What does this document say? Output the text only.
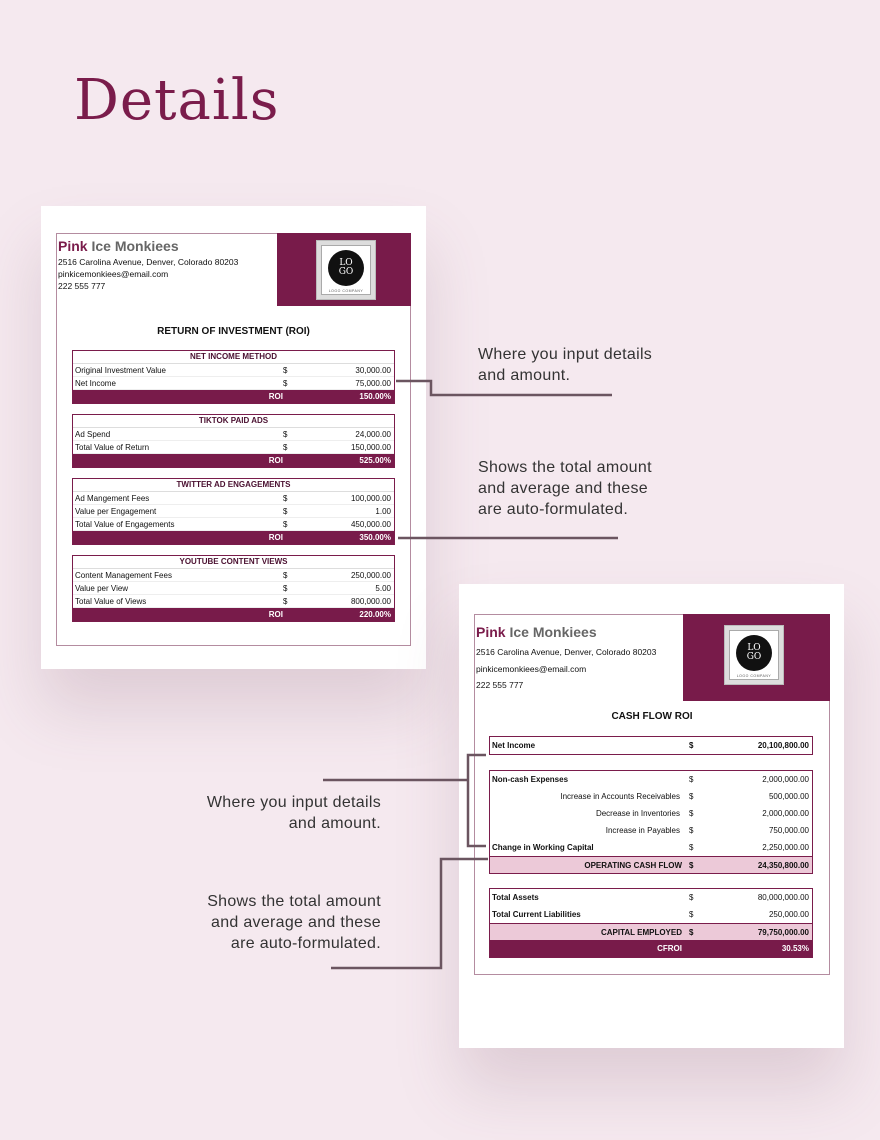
Details
Pink Ice Monkiees
2516 Carolina Avenue, Denver, Colorado 80203
pinkicemonkiees@email.com
222 555 777
LO
GO
LOGO COMPANY
RETURN OF INVESTMENT (ROI)
NET INCOME METHOD
Original Investment Value	$	30,000.00
Net Income	$	75,000.00
ROI	150.00%
TIKTOK PAID ADS
Ad Spend	$	24,000.00
Total Value of Return	$	150,000.00
ROI	525.00%
TWITTER AD ENGAGEMENTS
Ad Mangement Fees	$	100,000.00
Value per Engagement	$	1.00
Total Value of Engagements	$	450,000.00
ROI	350.00%
YOUTUBE CONTENT VIEWS
Content Management Fees	$	250,000.00
Value per View	$	5.00
Total Value of Views	$	800,000.00
ROI	220.00%
Pink Ice Monkiees
2516 Carolina Avenue, Denver, Colorado 80203
pinkicemonkiees@email.com
222 555 777
LO
GO
LOGO COMPANY
CASH FLOW ROI
Net Income	$	20,100,800.00
Non-cash Expenses	$	2,000,000.00
Increase in Accounts Receivables $	500,000.00
Decrease in Inventories $	2,000,000.00
Increase in Payables $	750,000.00
Change in Working Capital	$	2,250,000.00
OPERATING CASH FLOW $	24,350,800.00
Total Assets	$	80,000,000.00
Total Current Liabilities	$	250,000.00
CAPITAL EMPLOYED $	79,750,000.00
CFROI	30.53%
Where you input details
and amount.
Shows the total amount
and average and these
are auto-formulated.
Where you input details
and amount.
Shows the total amount
and average and these
are auto-formulated.
